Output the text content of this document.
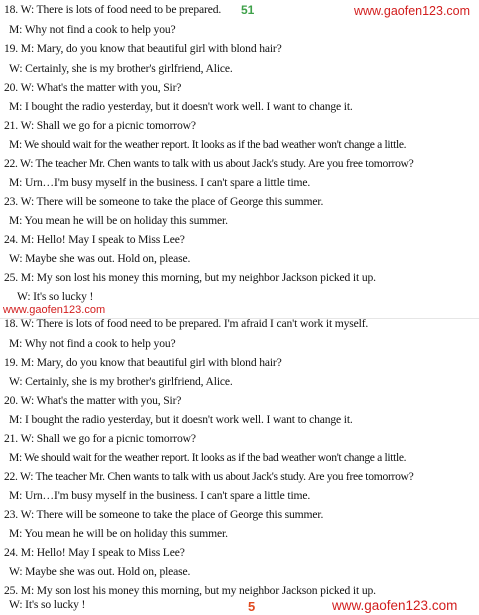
18. W: There is lots of food need to be prepared. 51	www.gaofen123.com
M: Why not find a cook to help you?
19. M: Mary, do you know that beautiful girl with blond hair?
W: Certainly, she is my brother's girlfriend, Alice.
20. W: What's the matter with you, Sir?
M: I bought the radio yesterday, but it doesn't work well. I want to change it.
21. W: Shall we go for a picnic tomorrow?
M: We should wait for the weather report. It looks as if the bad weather won't change a little.
22. W: The teacher Mr. Chen wants to talk with us about Jack's study. Are you free tomorrow?
M: Urn…I'm busy myself in the business. I can't spare a little time.
23. W: There will be someone to take the place of George this summer.
M: You mean he will be on holiday this summer.
24. M: Hello! May I speak to Miss Lee?
W: Maybe she was out. Hold on, please.
25. M: My son lost his money this morning, but my neighbor Jackson picked it up.
W: It's so lucky !
www.gaofen123.com
18. W: There is lots of food need to be prepared. I'm afraid I can't work it myself.
M: Why not find a cook to help you?
19. M: Mary, do you know that beautiful girl with blond hair?
W: Certainly, she is my brother's girlfriend, Alice.
20. W: What's the matter with you, Sir?
M: I bought the radio yesterday, but it doesn't work well. I want to change it.
21. W: Shall we go for a picnic tomorrow?
M: We should wait for the weather report. It looks as if the bad weather won't change a little.
22. W: The teacher Mr. Chen wants to talk with us about Jack's study. Are you free tomorrow?
M: Urn…I'm busy myself in the business. I can't spare a little time.
23. W: There will be someone to take the place of George this summer.
M: You mean he will be on holiday this summer.
24. M: Hello! May I speak to Miss Lee?
W: Maybe she was out. Hold on, please.
25. M: My son lost his money this morning, but my neighbor Jackson picked it up.
W: It's so lucky !	5	www.gaofen123.com
